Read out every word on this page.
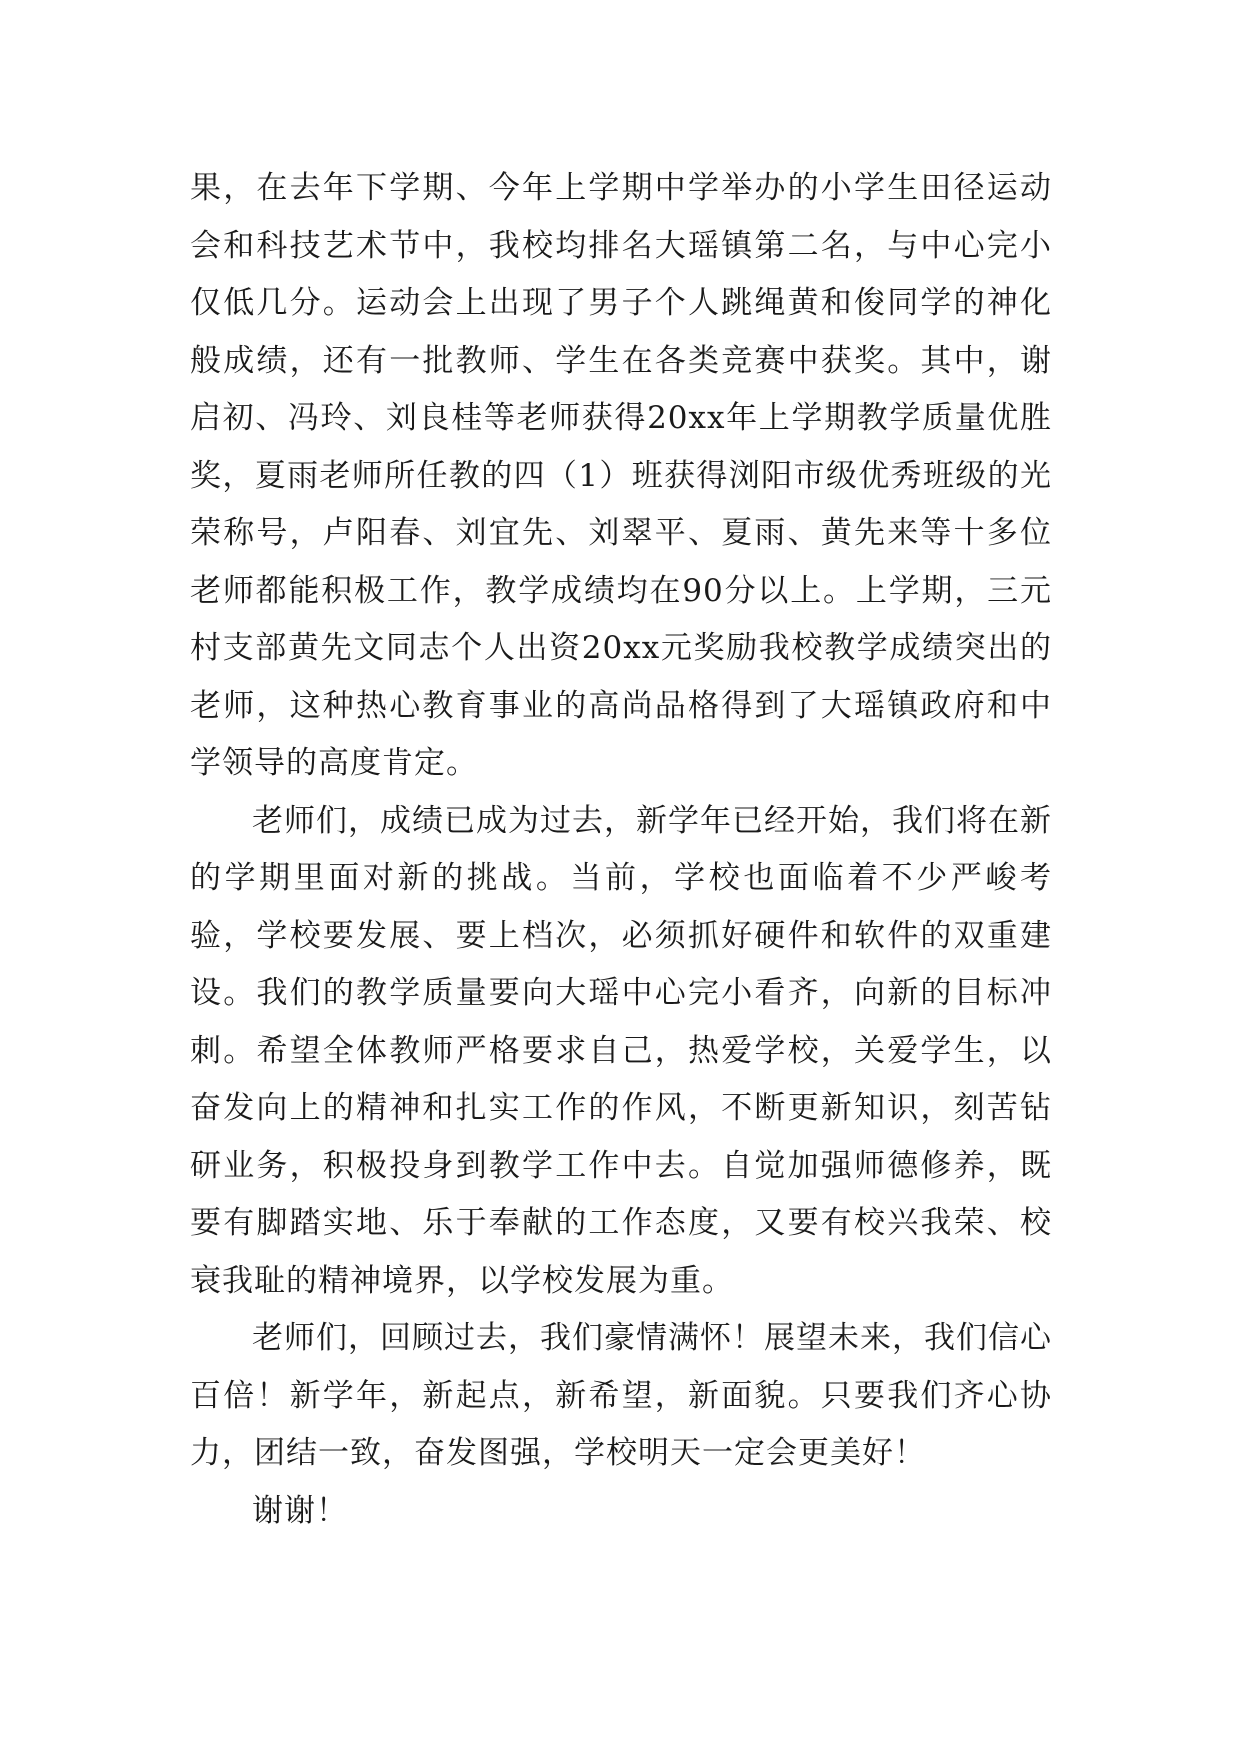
果，在去年下学期、今年上学期中学举办的小学生田径运动会和科技艺术节中，我校均排名大瑶镇第二名，与中心完小仅低几分。运动会上出现了男子个人跳绳黄和俊同学的神化般成绩，还有一批教师、学生在各类竞赛中获奖。其中，谢启初、冯玲、刘良桂等老师获得20xx年上学期教学质量优胜奖，夏雨老师所任教的四（1）班获得浏阳市级优秀班级的光荣称号，卢阳春、刘宜先、刘翠平、夏雨、黄先来等十多位老师都能积极工作，教学成绩均在90分以上。上学期，三元村支部黄先文同志个人出资20xx元奖励我校教学成绩突出的老师，这种热心教育事业的高尚品格得到了大瑶镇政府和中学领导的高度肯定。

老师们，成绩已成为过去，新学年已经开始，我们将在新的学期里面对新的挑战。当前，学校也面临着不少严峻考验，学校要发展、要上档次，必须抓好硬件和软件的双重建设。我们的教学质量要向大瑶中心完小看齐，向新的目标冲刺。希望全体教师严格要求自己，热爱学校，关爱学生，以奋发向上的精神和扎实工作的作风，不断更新知识，刻苦钻研业务，积极投身到教学工作中去。自觉加强师德修养，既要有脚踏实地、乐于奉献的工作态度，又要有校兴我荣、校衰我耻的精神境界，以学校发展为重。

老师们，回顾过去，我们豪情满怀！展望未来，我们信心百倍！新学年，新起点，新希望，新面貌。只要我们齐心协力，团结一致，奋发图强，学校明天一定会更美好！

谢谢！
